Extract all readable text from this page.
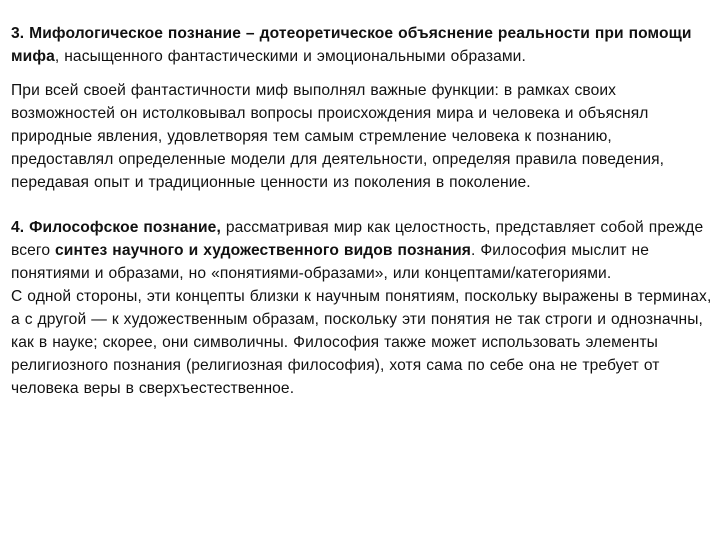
3. Мифологическое познание – дотеоретическое объяснение реальности при помощи мифа, насыщенного фантастическими и эмоциональными образами.

При всей своей фантастичности миф выполнял важные функции: в рамках своих возможностей он истолковывал вопросы происхождения мира и человека и объяснял природные явления, удовлетворяя тем самым стремление человека к познанию, предоставлял определенные модели для деятельности, определяя правила поведения, передавая опыт и традиционные ценности из поколения в поколение.

4. Философское познание, рассматривая мир как целостность, представляет собой прежде всего синтез научного и художественного видов познания. Философия мыслит не понятиями и образами, но «понятиями-образами», или концептами/категориями.

С одной стороны, эти концепты близки к научным понятиям, поскольку выражены в терминах, а с другой — к художественным образам, поскольку эти понятия не так строги и однозначны, как в науке; скорее, они символичны. Философия также может использовать элементы религиозного познания (религиозная философия), хотя сама по себе она не требует от человека веры в сверхъестественное.
